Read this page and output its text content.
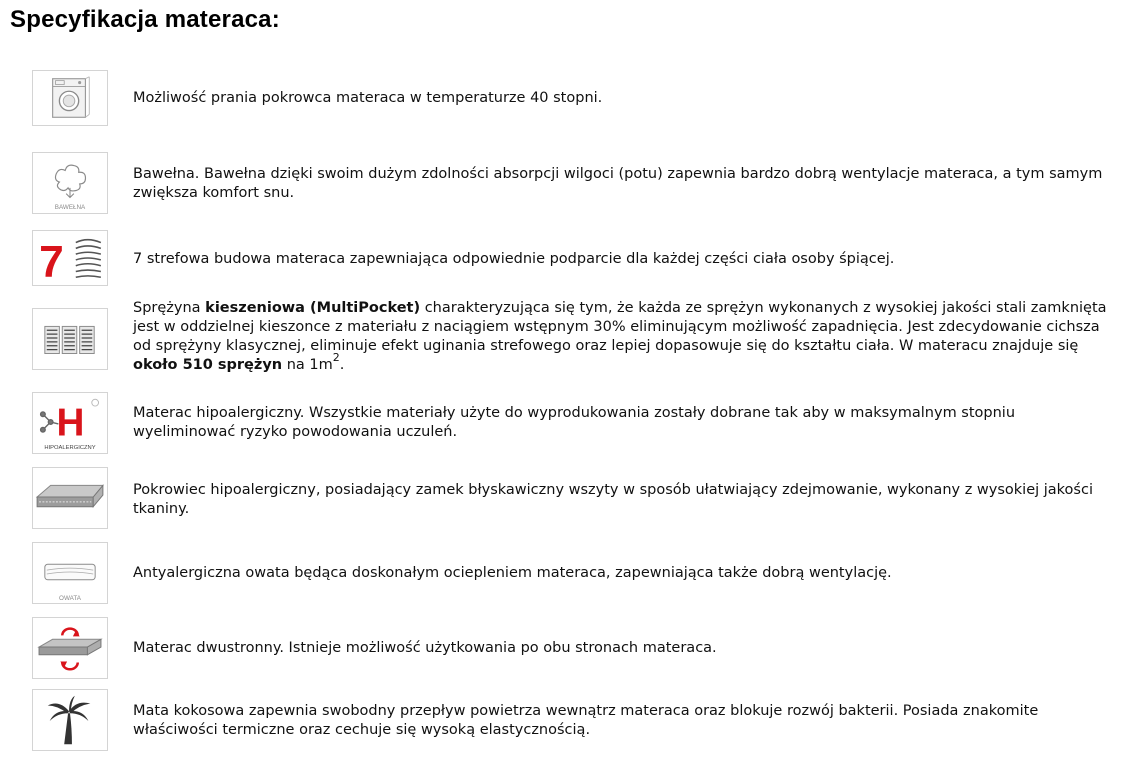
Specyfikacja materaca:
Możliwość prania pokrowca materaca w temperaturze 40 stopni.
BAWEŁNA
Bawełna. Bawełna dzięki swoim dużym zdolności absorpcji wilgoci (potu) zapewnia bardzo dobrą wentylacje materaca, a tym samym zwiększa komfort snu.
7	7 strefowa budowa materaca zapewniająca odpowiednie podparcie dla każdej części ciała osoby śpiącej.
Sprężyna kieszeniowa (MultiPocket) charakteryzująca się tym, że każda ze sprężyn wykonanych z wysokiej jakości stali zamknięta jest w oddzielnej kieszonce z materiału z naciągiem wstępnym 30% eliminującym możliwość zapadnięcia. Jest zdecydowanie cichsza od sprężyny klasycznej, eliminuje efekt uginania strefowego oraz lepiej dopasowuje się do kształtu ciała. W materacu znajduje się około 510 sprężyn na $1m^2$.
H
HIPOALERGICZNY
Materac hipoalergiczny. Wszystkie materiały użyte do wyprodukowania zostały dobrane tak aby w maksymalnym stopniu wyeliminować ryzyko powodowania uczuleń.
Pokrowiec hipoalergiczny, posiadający zamek błyskawiczny wszyty w sposób ułatwiający zdejmowanie, wykonany z wysokiej jakości tkaniny.
OWATA
Antyalergiczna owata będąca doskonałym ociepleniem materaca, zapewniająca także dobrą wentylację.
Materac dwustronny. Istnieje możliwość użytkowania po obu stronach materaca.
Mata kokosowa zapewnia swobodny przepływ powietrza wewnątrz materaca oraz blokuje rozwój bakterii. Posiada znakomite właściwości termiczne oraz cechuje się wysoką elastycznością.
